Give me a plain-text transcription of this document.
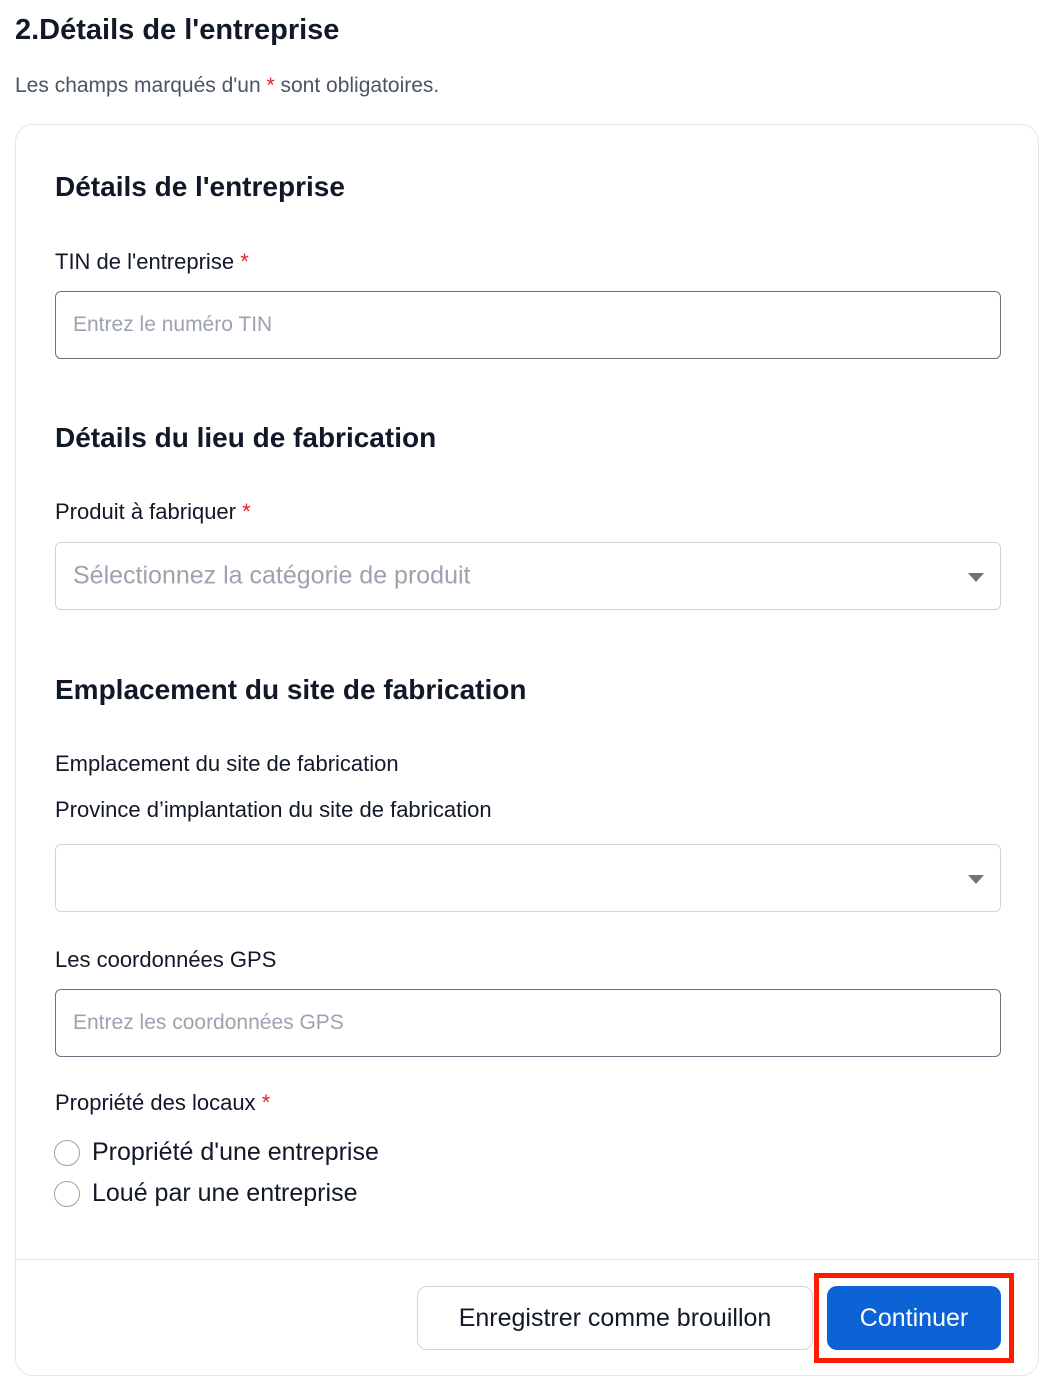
2.Détails de l'entreprise

Les champs marqués d'un * sont obligatoires.

Détails de l'entreprise
TIN de l'entreprise *
Entrez le numéro TIN
Détails du lieu de fabrication
Produit à fabriquer *
Sélectionnez la catégorie de produit
Emplacement du site de fabrication
Emplacement du site de fabrication
Province d’implantation du site de fabrication
Les coordonnées GPS
Entrez les coordonnées GPS
Propriété des locaux *
Propriété d'une entreprise
Loué par une entreprise
Enregistrer comme brouillon	Continuer
